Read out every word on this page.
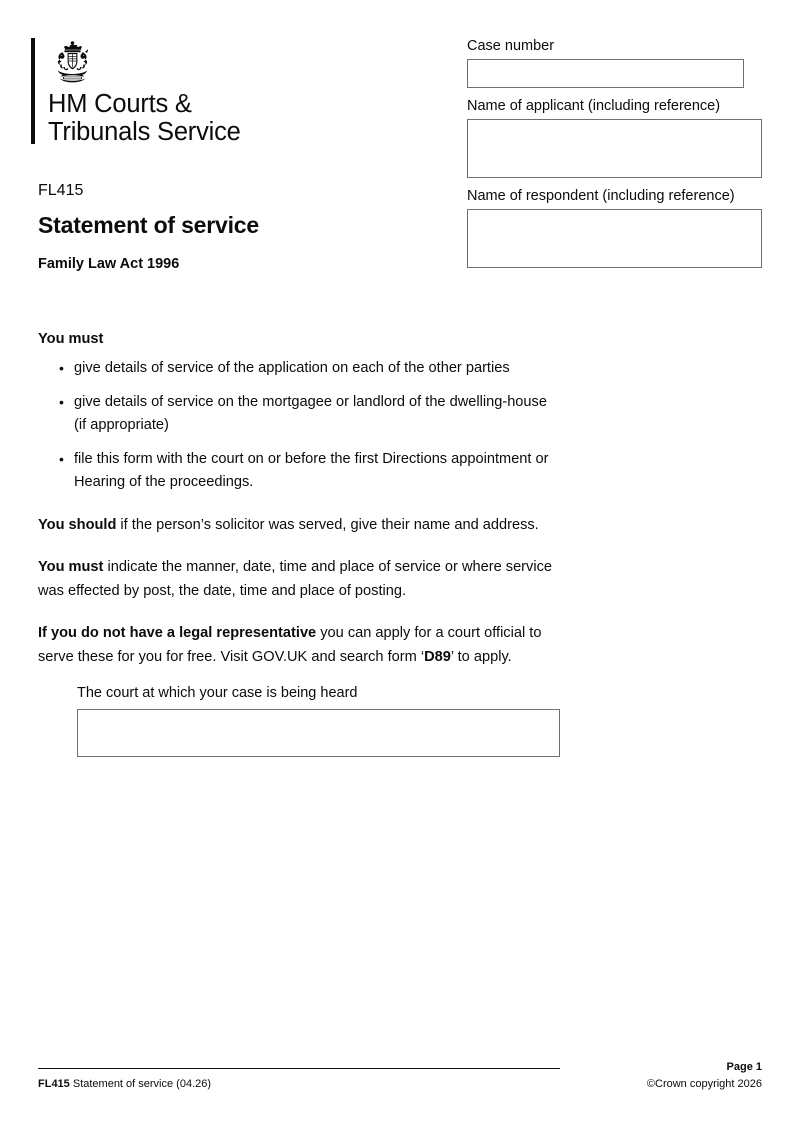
HM Courts &
Tribunals Service
FL415
Statement of service
Family Law Act 1996
Case number
Name of applicant (including reference)
Name of respondent (including reference)

You must

• give details of service of the application on each of the other parties
• give details of service on the mortgagee or landlord of the dwelling-house (if appropriate)
• file this form with the court on or before the first Directions appointment or Hearing of the proceedings.

You should if the person’s solicitor was served, give their name and address.

You must indicate the manner, date, time and place of service or where service was effected by post, the date, time and place of posting.

If you do not have a legal representative you can apply for a court official to serve these for you for free. Visit GOV.UK and search form ‘D89’ to apply.

The court at which your case is being heard
FL415 Statement of service (04.26)
Page 1
©Crown copyright 2026
